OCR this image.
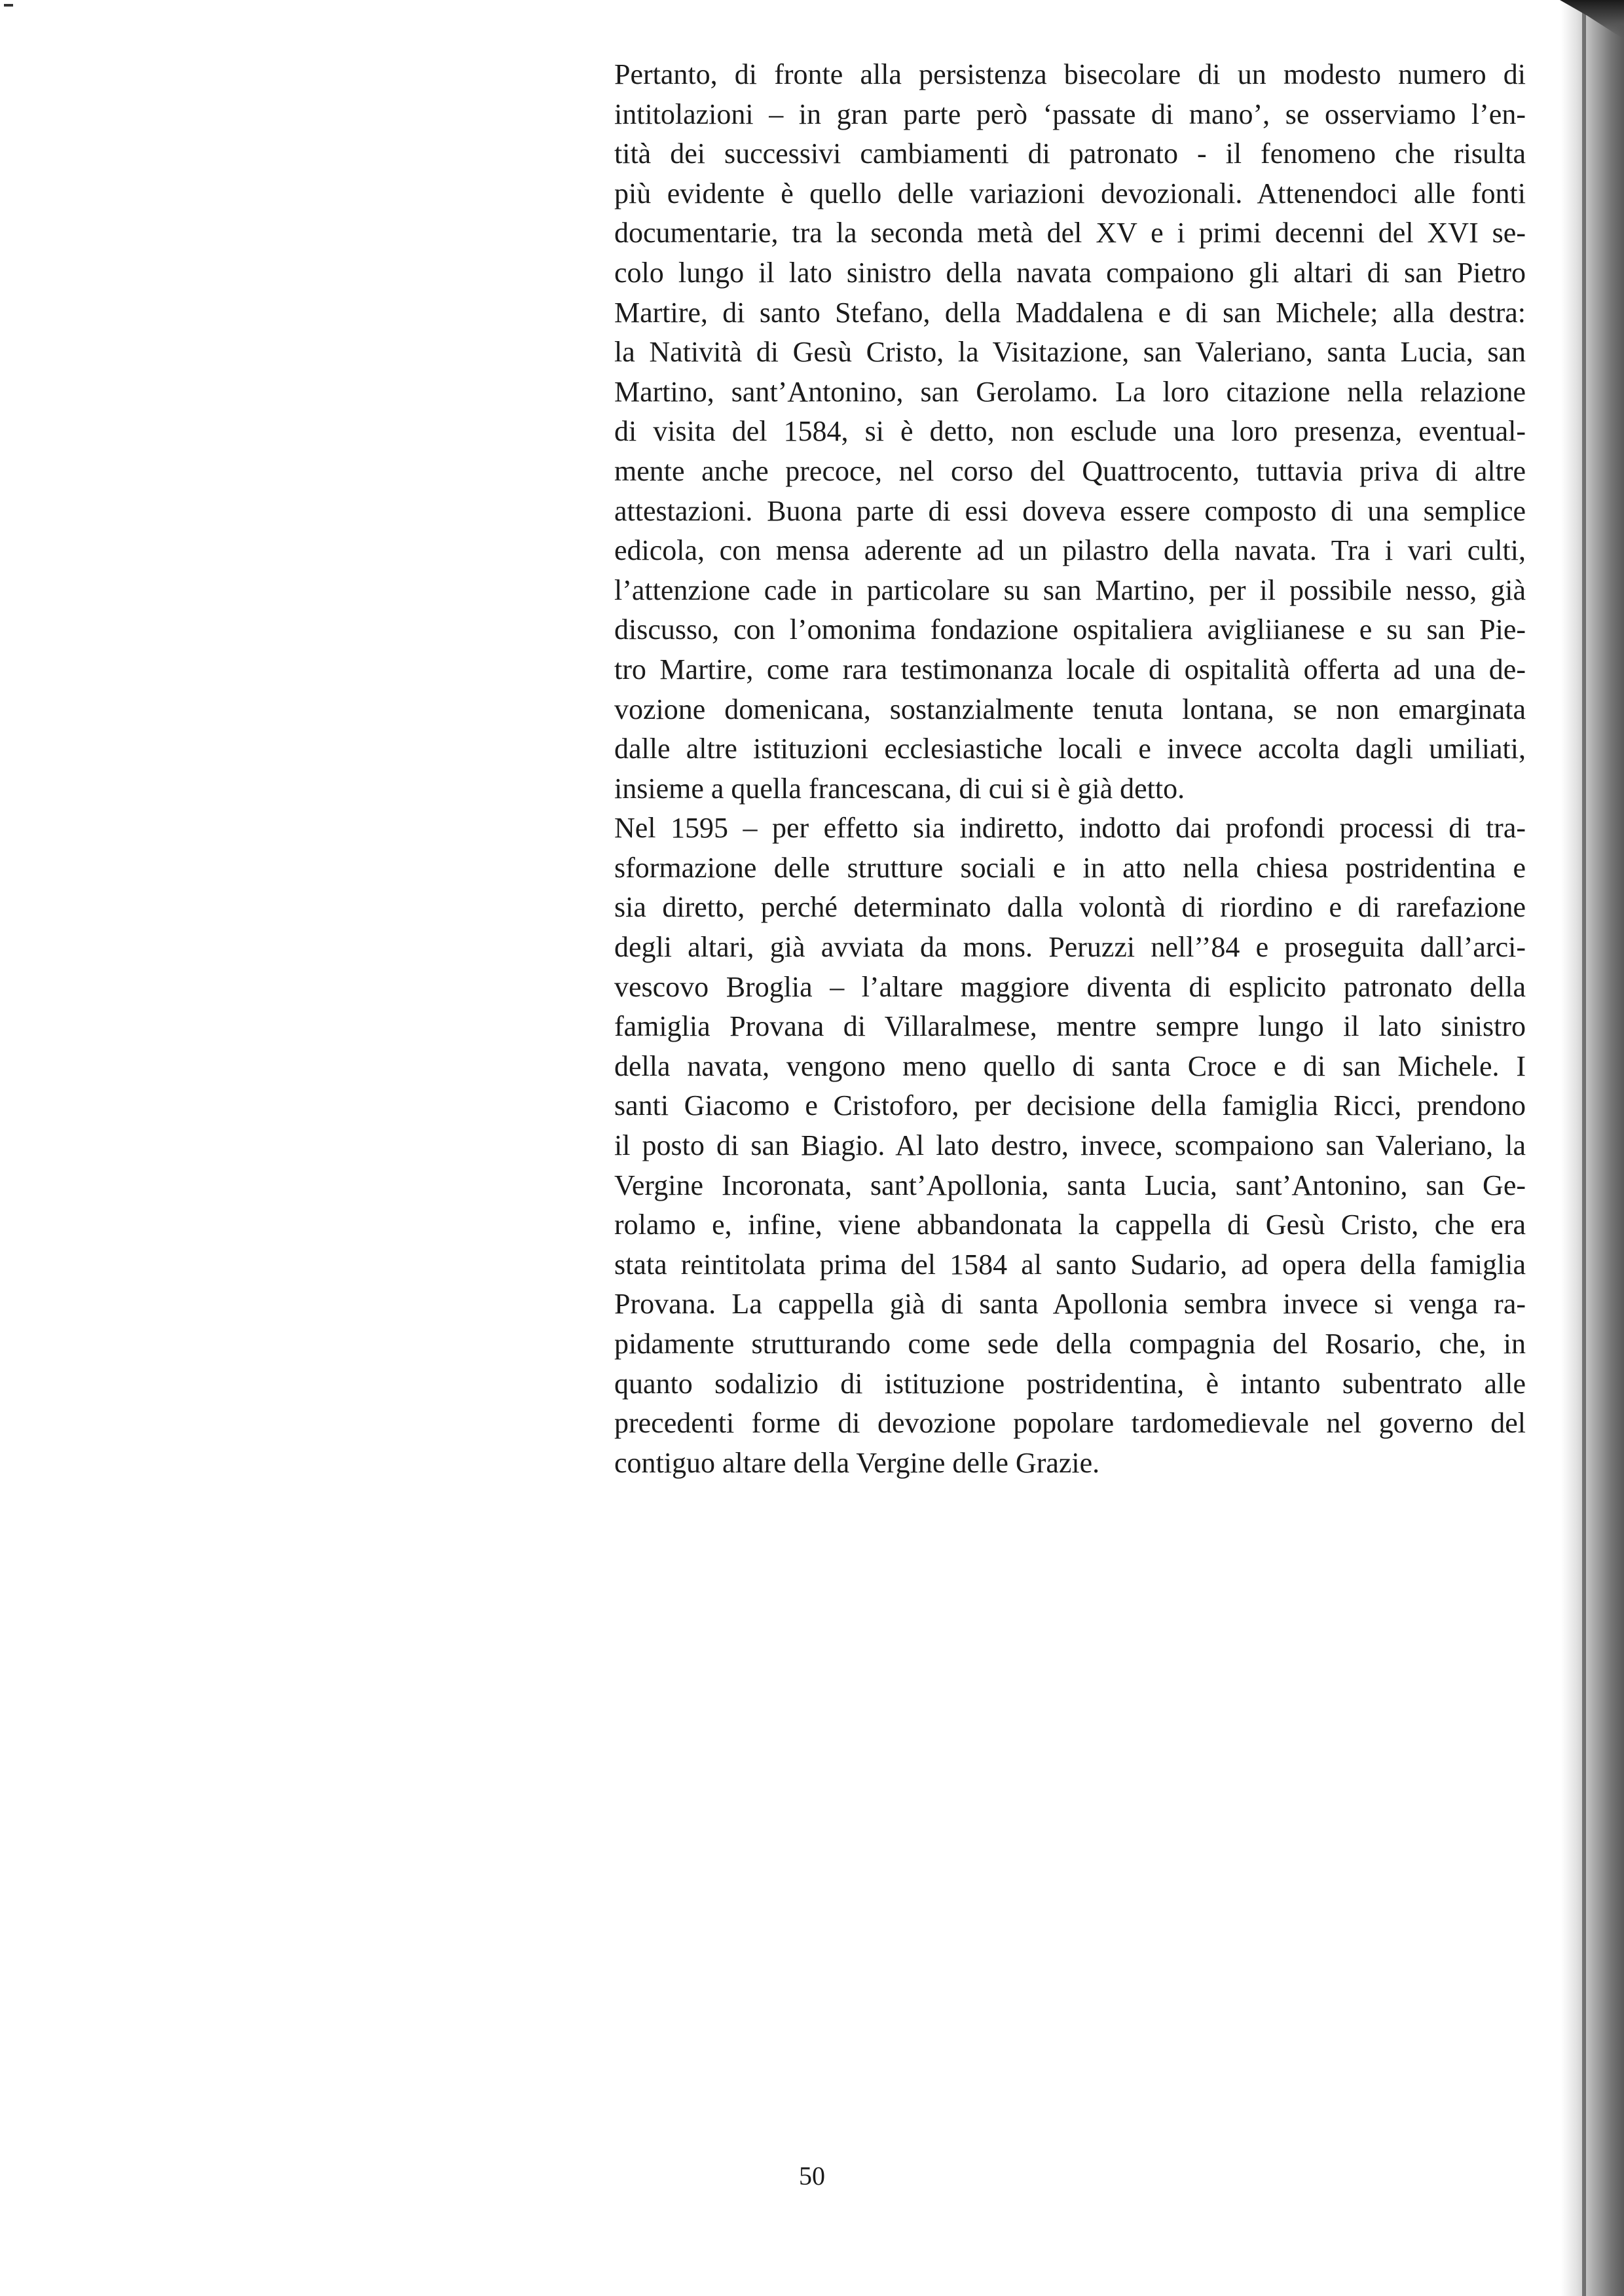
Pertanto, di fronte alla persistenza bisecolare di un modesto numero di
intitolazioni – in gran parte però ‘passate di mano’, se osserviamo l’en-
tità dei successivi cambiamenti di patronato - il fenomeno che risulta
più evidente è quello delle variazioni devozionali. Attenendoci alle fonti
documentarie, tra la seconda metà del XV e i primi decenni del XVI se-
colo lungo il lato sinistro della navata compaiono gli altari di san Pietro
Martire, di santo Stefano, della Maddalena e di san Michele; alla destra:
la Natività di Gesù Cristo, la Visitazione, san Valeriano, santa Lucia, san
Martino, sant’Antonino, san Gerolamo. La loro citazione nella relazione
di visita del 1584, si è detto, non esclude una loro presenza, eventual-
mente anche precoce, nel corso del Quattrocento, tuttavia priva di altre
attestazioni. Buona parte di essi doveva essere composto di una semplice
edicola, con mensa aderente ad un pilastro della navata. Tra i vari culti,
l’attenzione cade in particolare su san Martino, per il possibile nesso, già
discusso, con l’omonima fondazione ospitaliera avigliianese e su san Pie-
tro Martire, come rara testimonanza locale di ospitalità offerta ad una de-
vozione domenicana, sostanzialmente tenuta lontana, se non emarginata
dalle altre istituzioni ecclesiastiche locali e invece accolta dagli umiliati,
insieme a quella francescana, di cui si è già detto.
Nel 1595 – per effetto sia indiretto, indotto dai profondi processi di tra-
sformazione delle strutture sociali e in atto nella chiesa postridentina e
sia diretto, perché determinato dalla volontà di riordino e di rarefazione
degli altari, già avviata da mons. Peruzzi nell’’84 e proseguita dall’arci-
vescovo Broglia – l’altare maggiore diventa di esplicito patronato della
famiglia Provana di Villaralmese, mentre sempre lungo il lato sinistro
della navata, vengono meno quello di santa Croce e di san Michele. I
santi Giacomo e Cristoforo, per decisione della famiglia Ricci, prendono
il posto di san Biagio. Al lato destro, invece, scompaiono san Valeriano, la
Vergine Incoronata, sant’Apollonia, santa Lucia, sant’Antonino, san Ge-
rolamo e, infine, viene abbandonata la cappella di Gesù Cristo, che era
stata reintitolata prima del 1584 al santo Sudario, ad opera della famiglia
Provana. La cappella già di santa Apollonia sembra invece si venga ra-
pidamente strutturando come sede della compagnia del Rosario, che, in
quanto sodalizio di istituzione postridentina, è intanto subentrato alle
precedenti forme di devozione popolare tardomedievale nel governo del
contiguo altare della Vergine delle Grazie.
50
